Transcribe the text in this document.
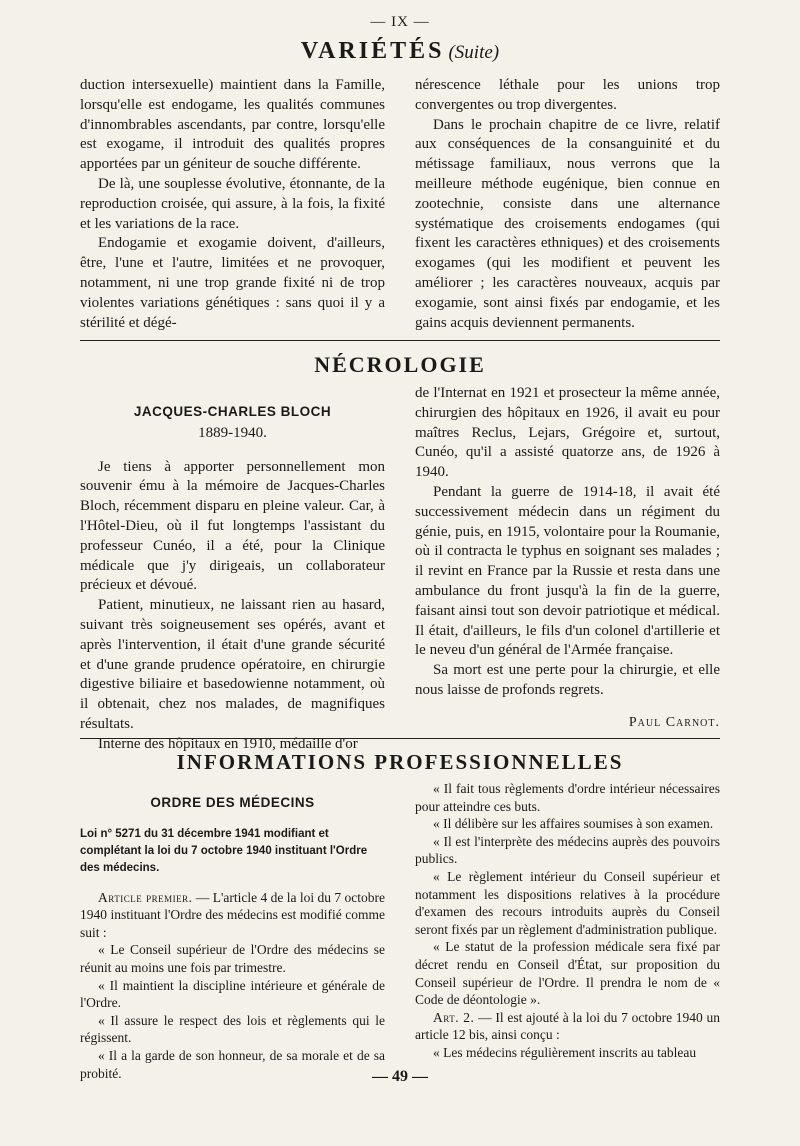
— IX —
VARIÉTÉS (Suite)

duction intersexuelle) maintient dans la Famille, lorsqu'elle est endogame, les qualités communes d'innombrables ascendants, par contre, lorsqu'elle est exogame, il introduit des qualités propres apportées par un géniteur de souche différente.

De là, une souplesse évolutive, étonnante, de la reproduction croisée, qui assure, à la fois, la fixité et les variations de la race.

Endogamie et exogamie doivent, d'ailleurs, être, l'une et l'autre, limitées et ne provoquer, notamment, ni une trop grande fixité ni de trop violentes variations génétiques : sans quoi il y a stérilité et dégé-

nérescence léthale pour les unions trop convergentes ou trop divergentes.

Dans le prochain chapitre de ce livre, relatif aux conséquences de la consanguinité et du métissage familiaux, nous verrons que la meilleure méthode eugénique, bien connue en zootechnie, consiste dans une alternance systématique des croisements endogames (qui fixent les caractères ethniques) et des croisements exogames (qui les modifient et peuvent les améliorer ; les caractères nouveaux, acquis par exogamie, sont ainsi fixés par endogamie, et les gains acquis deviennent permanents.

NÉCROLOGIE
JACQUES-CHARLES BLOCH
1889-1940.

Je tiens à apporter personnellement mon souvenir ému à la mémoire de Jacques-Charles Bloch, récemment disparu en pleine valeur. Car, à l'Hôtel-Dieu, où il fut longtemps l'assistant du professeur Cunéo, il a été, pour la Clinique médicale que j'y dirigeais, un collaborateur précieux et dévoué.

Patient, minutieux, ne laissant rien au hasard, suivant très soigneusement ses opérés, avant et après l'intervention, il était d'une grande sécurité et d'une grande prudence opératoire, en chirurgie digestive biliaire et basedowienne notamment, où il obtenait, chez nos malades, de magnifiques résultats.

Interne des hôpitaux en 1910, médaille d'or

de l'Internat en 1921 et prosecteur la même année, chirurgien des hôpitaux en 1926, il avait eu pour maîtres Reclus, Lejars, Grégoire et, surtout, Cunéo, qu'il a assisté quatorze ans, de 1926 à 1940.

Pendant la guerre de 1914-18, il avait été successivement médecin dans un régiment du génie, puis, en 1915, volontaire pour la Roumanie, où il contracta le typhus en soignant ses malades ; il revint en France par la Russie et resta dans une ambulance du front jusqu'à la fin de la guerre, faisant ainsi tout son devoir patriotique et médical. Il était, d'ailleurs, le fils d'un colonel d'artillerie et le neveu d'un général de l'Armée française.

Sa mort est une perte pour la chirurgie, et elle nous laisse de profonds regrets.

Paul Carnot.
INFORMATIONS PROFESSIONNELLES
ORDRE DES MÉDECINS

Loi n° 5271 du 31 décembre 1941 modifiant et complétant la loi du 7 octobre 1940 instituant l'Ordre des médecins.

Article premier. — L'article 4 de la loi du 7 octobre 1940 instituant l'Ordre des médecins est modifié comme suit :

« Le Conseil supérieur de l'Ordre des médecins se réunit au moins une fois par trimestre.

« Il maintient la discipline intérieure et générale de l'Ordre.

« Il assure le respect des lois et règlements qui le régissent.

« Il a la garde de son honneur, de sa morale et de sa probité.

« Il fait tous règlements d'ordre intérieur nécessaires pour atteindre ces buts.

« Il délibère sur les affaires soumises à son examen.

« Il est l'interprète des médecins auprès des pouvoirs publics.

« Le règlement intérieur du Conseil supérieur et notamment les dispositions relatives à la procédure d'examen des recours introduits auprès du Conseil seront fixés par un règlement d'administration publique.

« Le statut de la profession médicale sera fixé par décret rendu en Conseil d'État, sur proposition du Conseil supérieur de l'Ordre. Il prendra le nom de « Code de déontologie ».

Art. 2. — Il est ajouté à la loi du 7 octobre 1940 un article 12 bis, ainsi conçu :

« Les médecins régulièrement inscrits au tableau

— 49 —
